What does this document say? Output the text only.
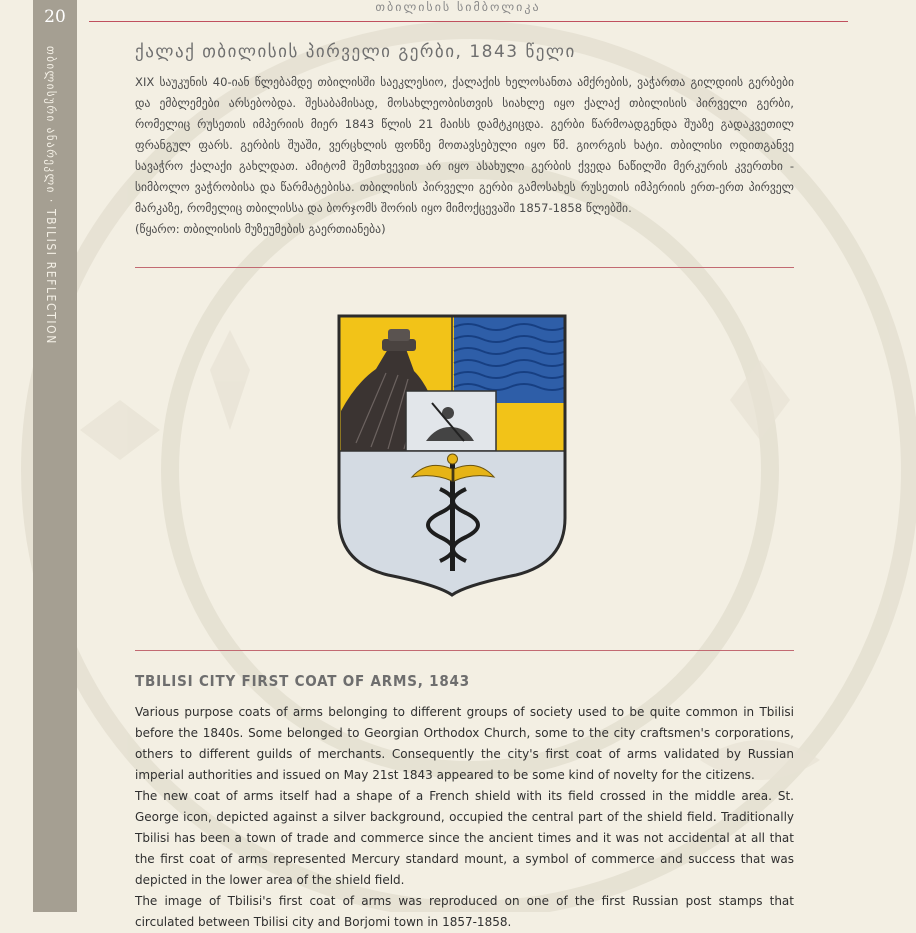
20
თბილისური ანარეკლი · TBILISI REFLECTION
თბილისის სიმბოლიკა
ქალაქ თბილისის პირველი გერბი, 1843 წელი

XIX საუკუნის 40-იან წლებამდე თბილისში საეკლესიო, ქალაქის ხელოსანთა ამქრების, ვაჭართა გილდიის გერბები და ემბლემები არსებობდა. შესაბამისად, მოსახლეობისთვის სიახლე იყო ქალაქ თბილისის პირველი გერბი, რომელიც რუსეთის იმპერიის მიერ 1843 წლის 21 მაისს დამტკიცდა. გერბი წარმოადგენდა შუაზე გადაკვეთილ ფრანგულ ფარს. გერბის შუაში, ვერცხლის ფონზე მოთავსებული იყო წმ. გიორგის ხატი. თბილისი ოდითგანვე სავაჭრო ქალაქი გახლდათ. ამიტომ შემთხვევით არ იყო ასახული გერბის ქვედა ნაწილში მერკურის კვერთხი - სიმბოლო ვაჭრობისა და წარმატებისა. თბილისის პირველი გერბი გამოსახეს რუსეთის იმპერიის ერთ-ერთ პირველ მარკაზე, რომელიც თბილისსა და ბორჯომს შორის იყო მიმოქცევაში 1857-1858 წლებში.
(წყარო: თბილისის მუზეუმების გაერთიანება)

TBILISI CITY FIRST COAT OF ARMS, 1843
Various purpose coats of arms belonging to different groups of society used to be quite common in Tbilisi before the 1840s. Some belonged to Georgian Orthodox Church, some to the city craftsmen's corporations, others to different guilds of merchants. Consequently the city's first coat of arms validated by Russian imperial authorities and issued on May 21st 1843 appeared to be some kind of novelty for the citizens.
The new coat of arms itself had a shape of a French shield with its field crossed in the middle area. St. George icon, depicted against a silver background, occupied the central part of the shield field. Traditionally Tbilisi has been a town of trade and commerce since the ancient times and it was not accidental at all that the first coat of arms represented Mercury standard mount, a symbol of commerce and success that was depicted in the lower area of the shield field.
The image of Tbilisi's first coat of arms was reproduced on one of the first Russian post stamps that circulated between Tbilisi city and Borjomi town in 1857-1858.
